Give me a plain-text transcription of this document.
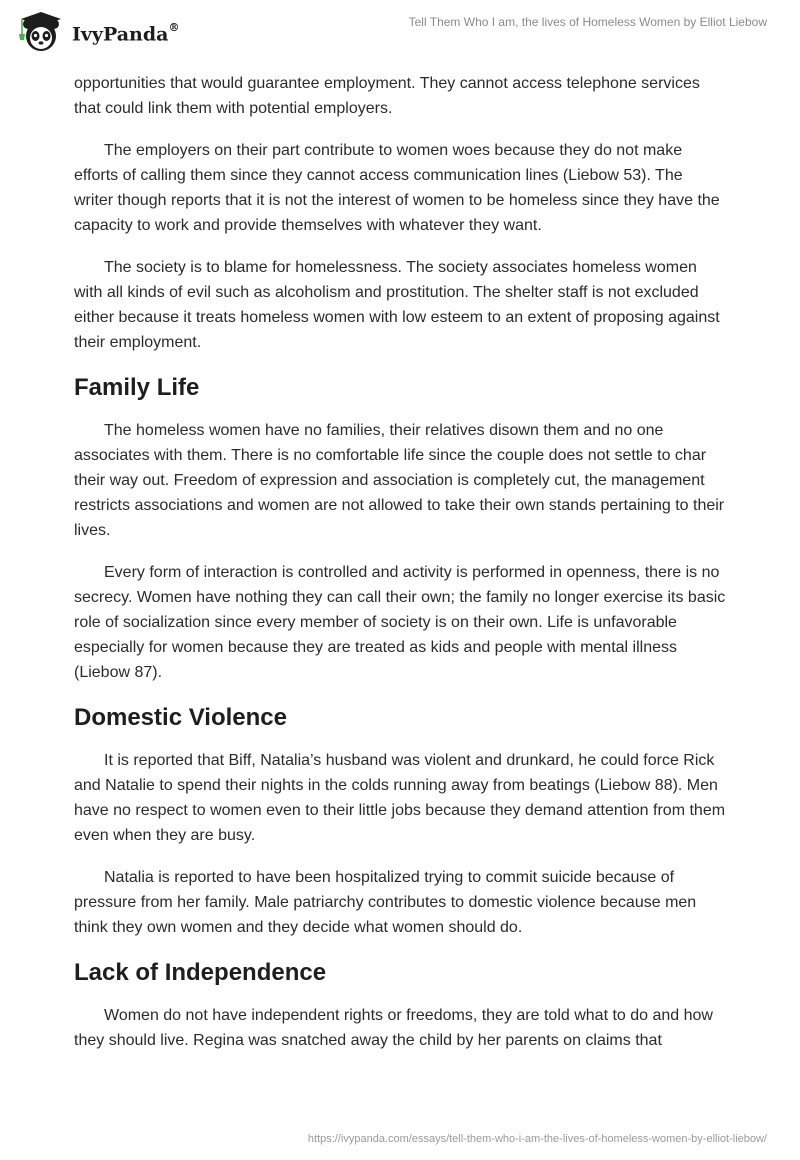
IvyPanda®	Tell Them Who I am, the lives of Homeless Women by Elliot Liebow

opportunities that would guarantee employment. They cannot access telephone services that could link them with potential employers.

The employers on their part contribute to women woes because they do not make efforts of calling them since they cannot access communication lines (Liebow 53). The writer though reports that it is not the interest of women to be homeless since they have the capacity to work and provide themselves with whatever they want.

The society is to blame for homelessness. The society associates homeless women with all kinds of evil such as alcoholism and prostitution. The shelter staff is not excluded either because it treats homeless women with low esteem to an extent of proposing against their employment.

Family Life

The homeless women have no families, their relatives disown them and no one associates with them. There is no comfortable life since the couple does not settle to char their way out. Freedom of expression and association is completely cut, the management restricts associations and women are not allowed to take their own stands pertaining to their lives.

Every form of interaction is controlled and activity is performed in openness, there is no secrecy. Women have nothing they can call their own; the family no longer exercise its basic role of socialization since every member of society is on their own. Life is unfavorable especially for women because they are treated as kids and people with mental illness (Liebow 87).

Domestic Violence

It is reported that Biff, Natalia’s husband was violent and drunkard, he could force Rick and Natalie to spend their nights in the colds running away from beatings (Liebow 88). Men have no respect to women even to their little jobs because they demand attention from them even when they are busy.

Natalia is reported to have been hospitalized trying to commit suicide because of pressure from her family. Male patriarchy contributes to domestic violence because men think they own women and they decide what women should do.

Lack of Independence

Women do not have independent rights or freedoms, they are told what to do and how they should live. Regina was snatched away the child by her parents on claims that

https://ivypanda.com/essays/tell-them-who-i-am-the-lives-of-homeless-women-by-elliot-liebow/
